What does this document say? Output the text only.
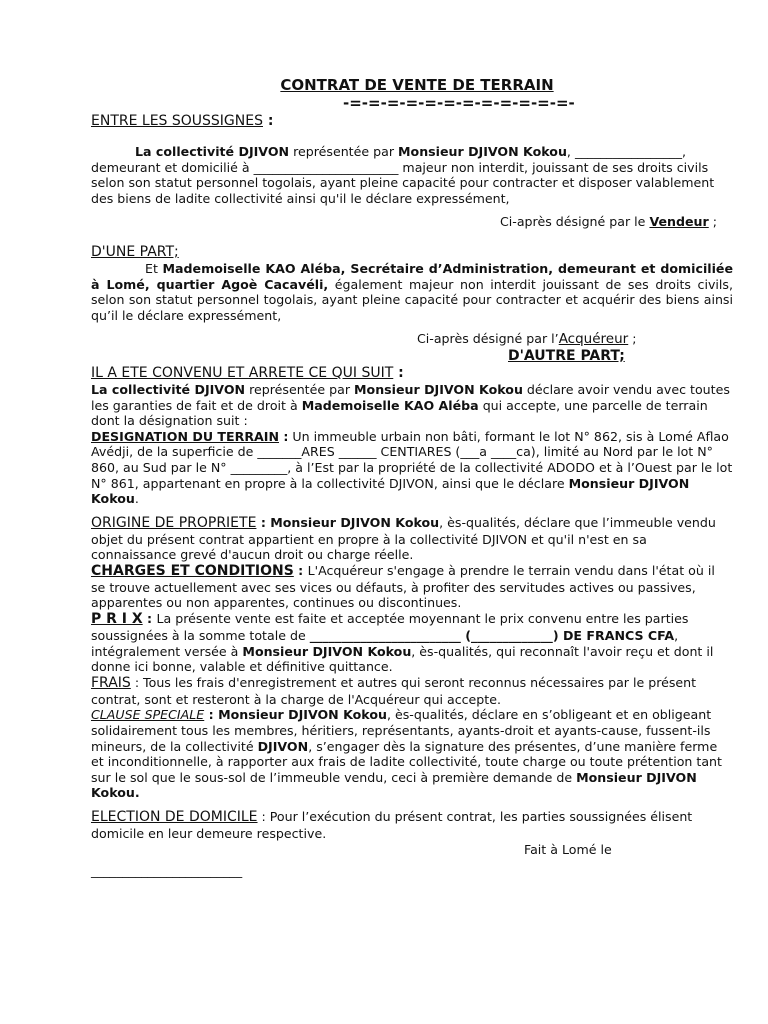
CONTRAT DE VENTE DE TERRAIN
-=-=-=-=-=-=-=-=-=-=-=-=-
ENTRE LES SOUSSIGNES :

La collectivité DJIVON représentée par Monsieur DJIVON Kokou, _________________, demeurant et domicilié à _______________________ majeur non interdit, jouissant de ses droits civils selon son statut personnel togolais, ayant pleine capacité pour contracter et disposer valablement des biens de ladite collectivité ainsi qu'il le déclare expressément,

Ci-après désigné par le Vendeur ;

D'UNE PART;

Et Mademoiselle KAO Aléba, Secrétaire d’Administration, demeurant et domiciliée à Lomé, quartier Agoè Cacavéli, également majeur non interdit jouissant de ses droits civils, selon son statut personnel togolais, ayant pleine capacité pour contracter et acquérir des biens ainsi qu’il le déclare expressément,

Ci-après désigné par l’Acquéreur ;

D'AUTRE PART;

IL A ETE CONVENU ET ARRETE CE QUI SUIT :

La collectivité DJIVON représentée par Monsieur DJIVON Kokou déclare avoir vendu avec toutes les garanties de fait et de droit à Mademoiselle KAO Aléba qui accepte, une parcelle de terrain dont la désignation suit :

DESIGNATION DU TERRAIN : Un immeuble urbain non bâti, formant le lot N° 862, sis à Lomé Aflao Avédji, de la superficie de _______ARES ______ CENTIARES (___a ____ca), limité au Nord par le lot N° 860, au Sud par le N° _________, à l’Est par la propriété de la collectivité ADODO et à l’Ouest par le lot N° 861, appartenant en propre à la collectivité DJIVON, ainsi que le déclare Monsieur DJIVON Kokou.

ORIGINE DE PROPRIETE : Monsieur DJIVON Kokou, ès-qualités, déclare que l’immeuble vendu objet du présent contrat appartient en propre à la collectivité DJIVON et qu'il n'est en sa connaissance grevé d'aucun droit ou charge réelle.

CHARGES ET CONDITIONS : L'Acquéreur s'engage à prendre le terrain vendu dans l'état où il se trouve actuellement avec ses vices ou défauts, à profiter des servitudes actives ou passives, apparentes ou non apparentes, continues ou discontinues.

P R I X : La présente vente est faite et acceptée moyennant le prix convenu entre les parties

soussignées à la somme totale de ________________________ (_____________) DE FRANCS CFA, intégralement versée à Monsieur DJIVON Kokou, ès-qualités, qui reconnaît l'avoir reçu et dont il donne ici bonne, valable et définitive quittance.

FRAIS : Tous les frais d'enregistrement et autres qui seront reconnus nécessaires par le présent contrat, sont et resteront à la charge de l'Acquéreur qui accepte.

CLAUSE SPECIALE : Monsieur DJIVON Kokou, ès-qualités, déclare en s’obligeant et en obligeant solidairement tous les membres, héritiers, représentants, ayants-droit et ayants-cause, fussent-ils mineurs, de la collectivité DJIVON, s’engager dès la signature des présentes, d’une manière ferme et inconditionnelle, à rapporter aux frais de ladite collectivité, toute charge ou toute prétention tant sur le sol que le sous-sol de l’immeuble vendu, ceci à première demande de Monsieur DJIVON Kokou.

ELECTION DE DOMICILE : Pour l’exécution du présent contrat, les parties soussignées élisent domicile en leur demeure respective.

Fait à Lomé le

________________________
